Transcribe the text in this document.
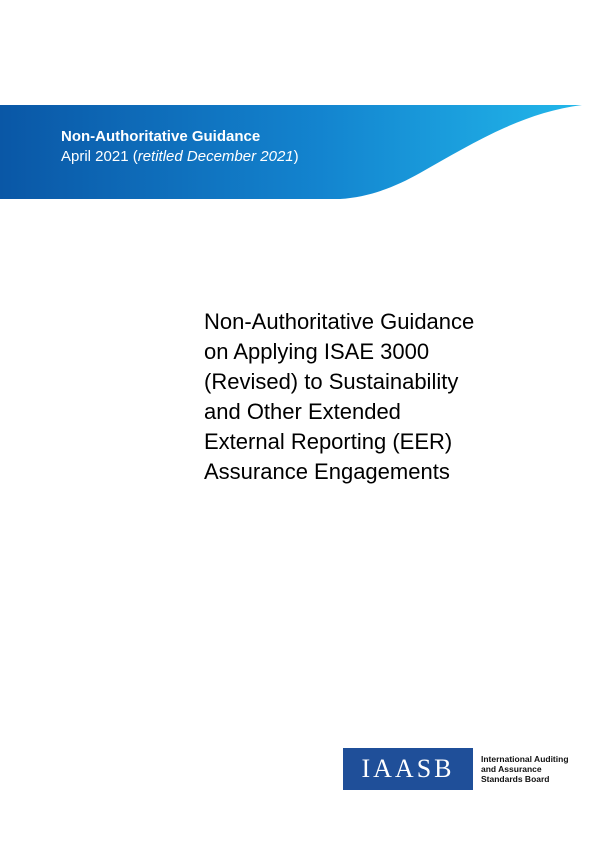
Non-Authoritative Guidance
April 2021 (retitled December 2021)
Non-Authoritative Guidance
on Applying ISAE 3000
(Revised) to Sustainability
and Other Extended
External Reporting (EER)
Assurance Engagements
IAASB	International Auditing
and Assurance
Standards Board
